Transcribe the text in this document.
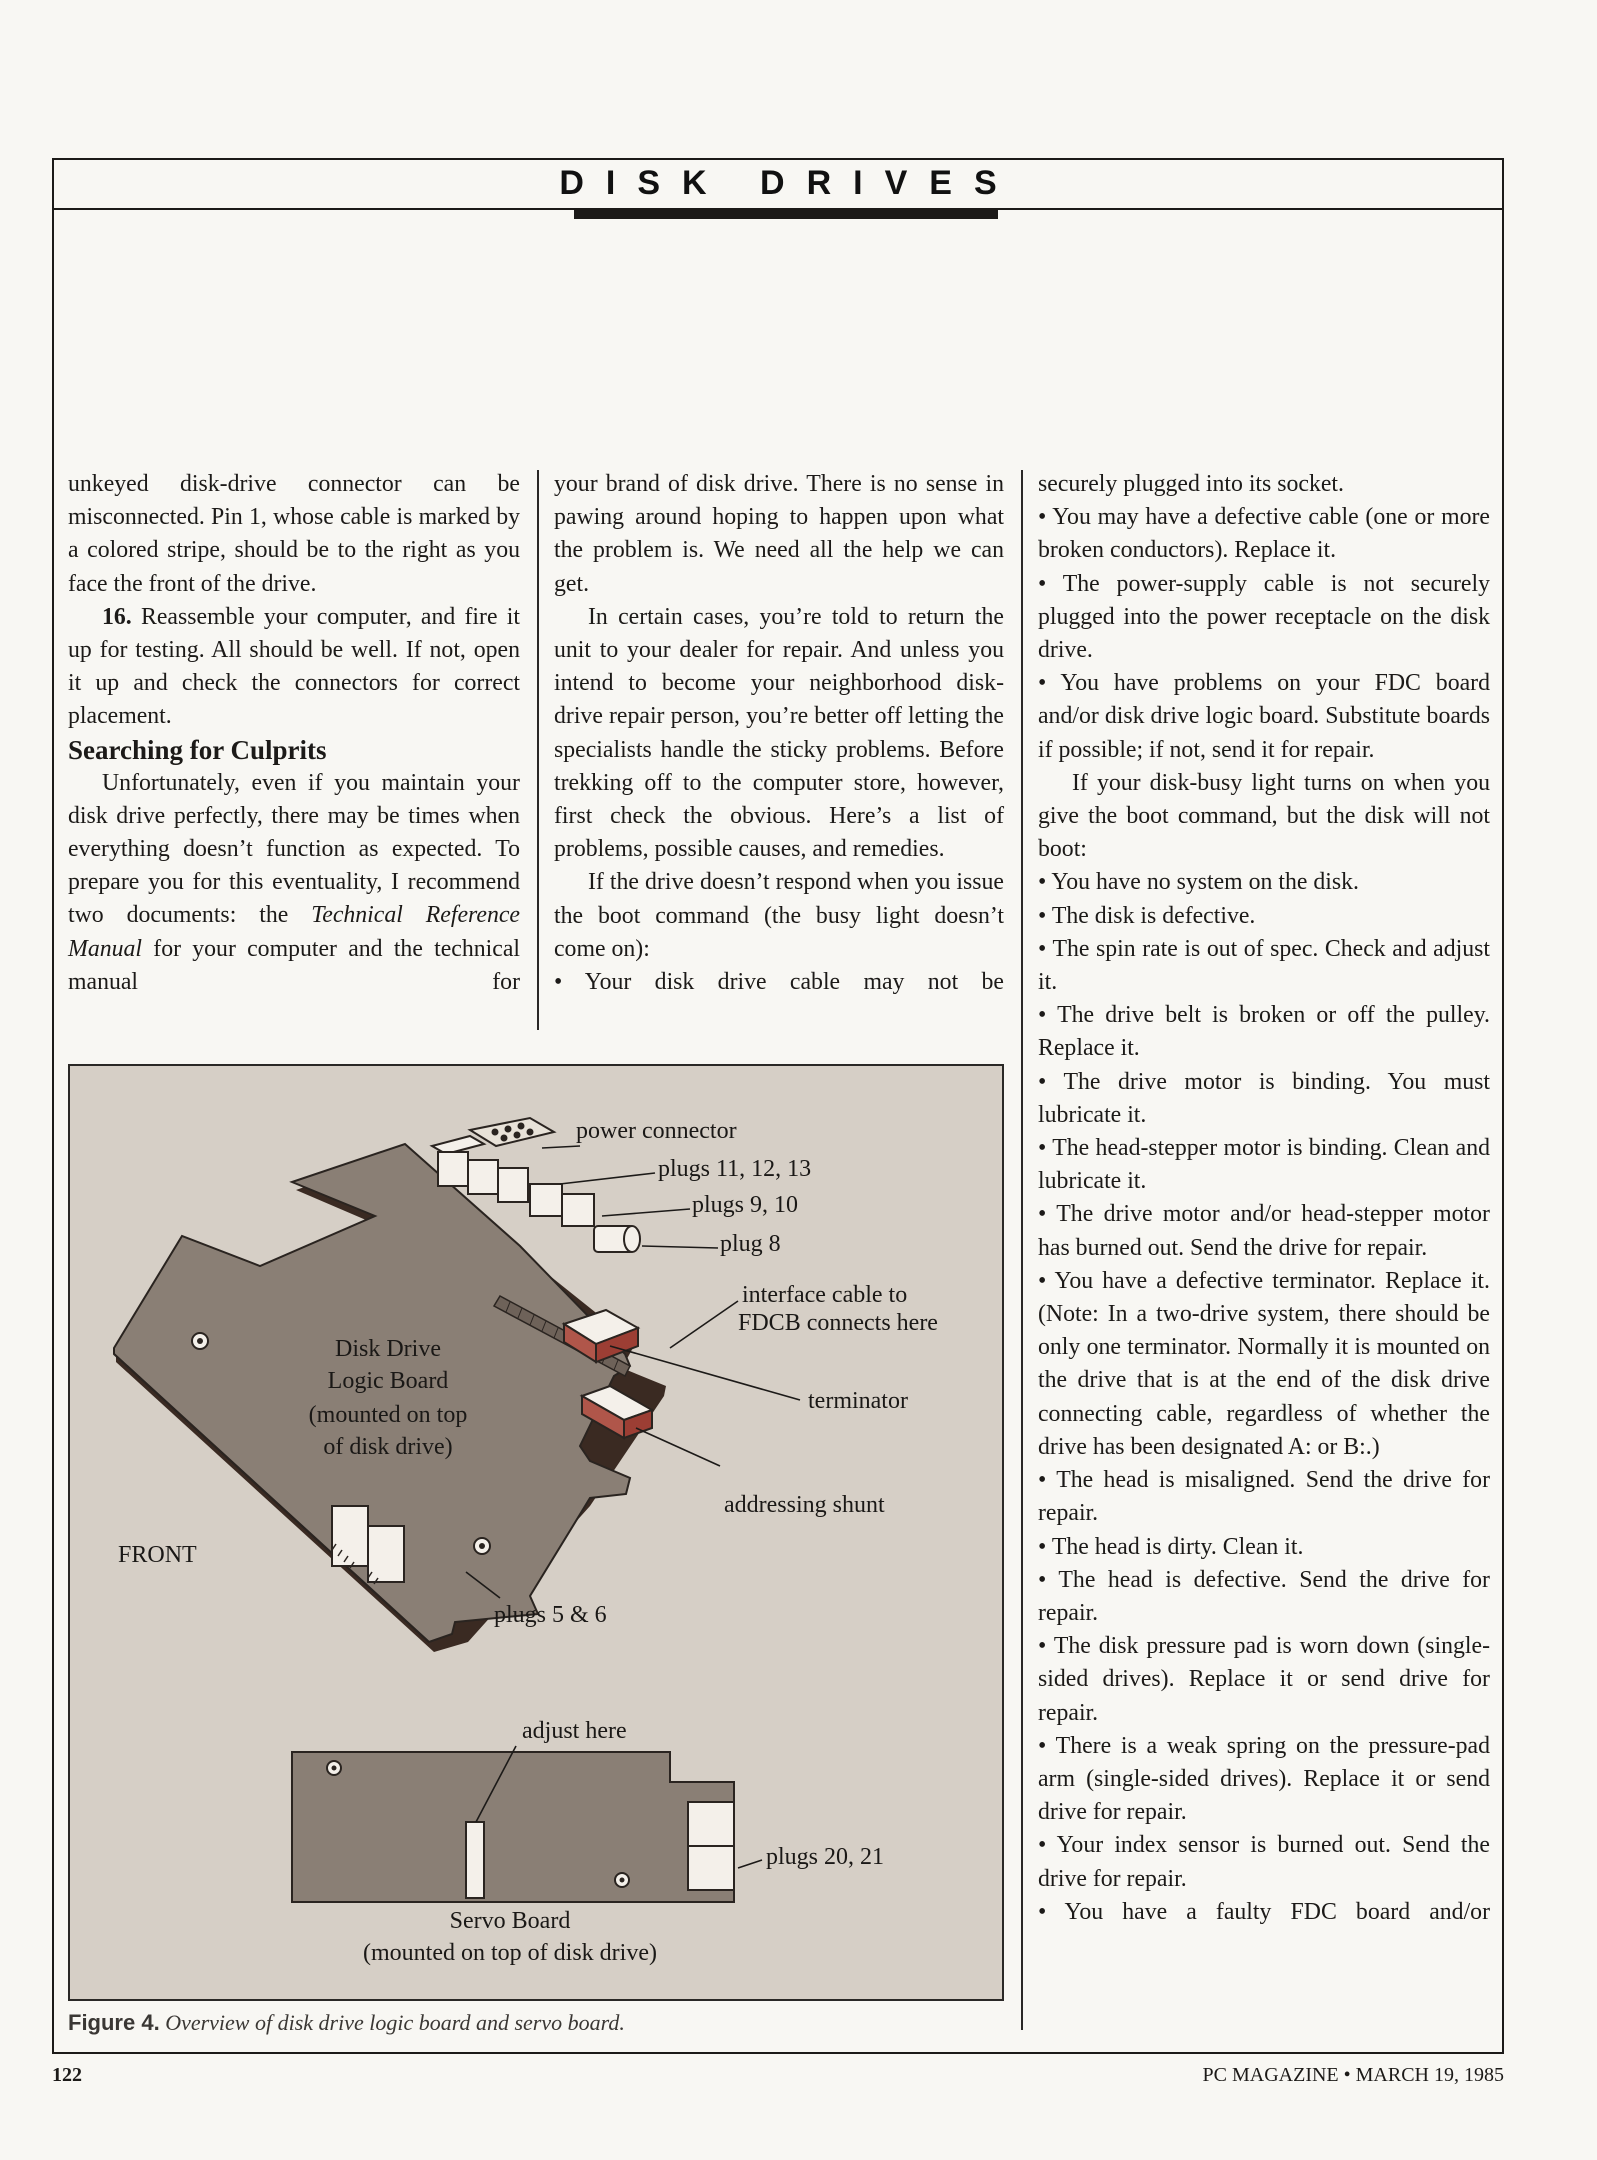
DISK DRIVES

unkeyed disk-drive connector can be misconnected. Pin 1, whose cable is marked by a colored stripe, should be to the right as you face the front of the drive.

16. Reassemble your computer, and fire it up for testing. All should be well. If not, open it up and check the connectors for correct placement.

Searching for Culprits

Unfortunately, even if you maintain your disk drive perfectly, there may be times when everything doesn’t function as expected. To prepare you for this eventuality, I recommend two documents: the Technical Reference Manual for your computer and the technical manual for

your brand of disk drive. There is no sense in pawing around hoping to happen upon what the problem is. We need all the help we can get.

In certain cases, you’re told to return the unit to your dealer for repair. And unless you intend to become your neighborhood disk-drive repair person, you’re better off letting the specialists handle the sticky problems. Before trekking off to the computer store, however, first check the obvious. Here’s a list of problems, possible causes, and remedies.

If the drive doesn’t respond when you issue the boot command (the busy light doesn’t come on):

• Your disk drive cable may not be

securely plugged into its socket.

• You may have a defective cable (one or more broken conductors). Replace it.

• The power-supply cable is not securely plugged into the power receptacle on the disk drive.

• You have problems on your FDC board and/or disk drive logic board. Substitute boards if possible; if not, send it for repair.

If your disk-busy light turns on when you give the boot command, but the disk will not boot:

• You have no system on the disk.

• The disk is defective.

• The spin rate is out of spec. Check and adjust it.

• The drive belt is broken or off the pulley. Replace it.

• The drive motor is binding. You must lubricate it.

• The head-stepper motor is binding. Clean and lubricate it.

• The drive motor and/or head-stepper motor has burned out. Send the drive for repair.

• You have a defective terminator. Replace it. (Note: In a two-drive system, there should be only one terminator. Normally it is mounted on the drive that is at the end of the disk drive connecting cable, regardless of whether the drive has been designated A: or B:.)

• The head is misaligned. Send the drive for repair.

• The head is dirty. Clean it.

• The head is defective. Send the drive for repair.

• The disk pressure pad is worn down (single-sided drives). Replace it or send drive for repair.

• There is a weak spring on the pressure-pad arm (single-sided drives). Replace it or send drive for repair.

• Your index sensor is burned out. Send the drive for repair.

• You have a faulty FDC board and/or

power connector
plugs 11, 12, 13
plugs 9, 10
plug 8
interface cable to
FDCB connects here
terminator
Disk Drive
Logic Board
(mounted on top
of disk drive)
addressing shunt
FRONT
plugs 5 & 6
adjust here
plugs 20, 21
Servo Board
(mounted on top of disk drive)
Figure 4. Overview of disk drive logic board and servo board.
122	PC MAGAZINE • MARCH 19, 1985
